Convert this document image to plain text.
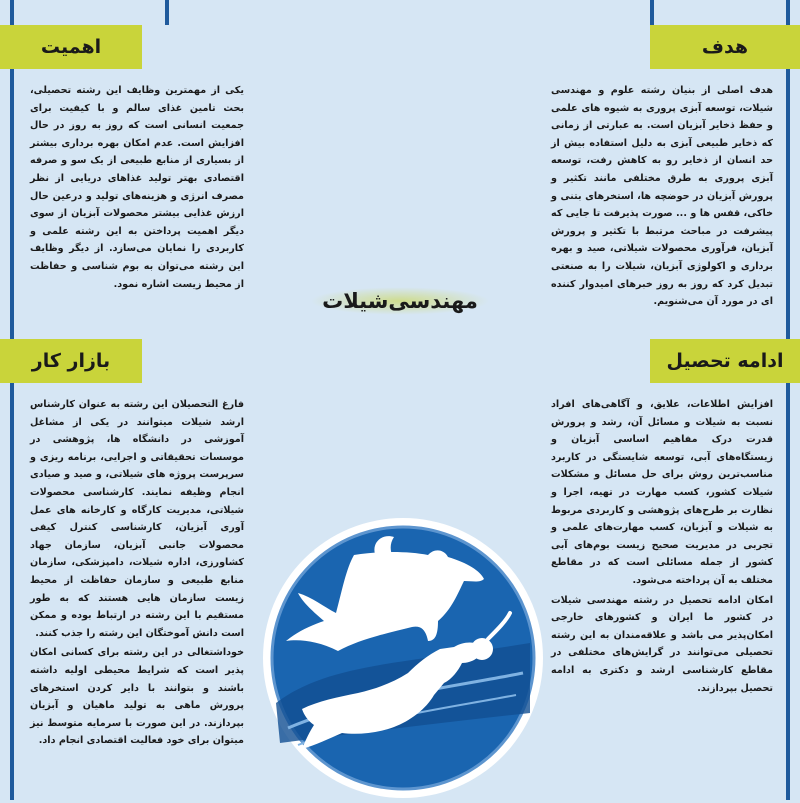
هدف

هدف اصلی از بنیان رشته علوم و مهندسی شیلات، توسعه آبزی پروری به شیوه های علمی و حفظ ذخایر آبزیان است. به عبارتی از زمانی که ذخایر طبیعی آبزی به دلیل استفاده بیش از حد انسان از ذخایر رو به کاهش رفت، توسعه آبزی پروری به طرق مختلفی مانند تکثیر و پرورش آبزیان در حوضچه ها، استخرهای بتنی و خاکی، قفس ها و ... صورت پذیرفت تا جایی که پیشرفت در مباحث مرتبط با تکثیر و پرورش آبزیان، فرآوری محصولات شیلاتی، صید و بهره برداری و اکولوژی آبزیان، شیلات را به صنعتی تبدیل کرد که روز به روز خبرهای امیدوار کننده ای در مورد آن می‌شنویم.

اهمیت

یکی از مهمترین وظایف این رشته تحصیلی، بحث تامین غذای سالم و با کیفیت برای جمعیت انسانی است که روز به روز در حال افزایش است. عدم امکان بهره برداری بیشتر از بسیاری از منابع طبیعی از یک سو و صرفه اقتصادی بهتر تولید غذاهای دریایی از نظر مصرف انرژی و هزینه‌های تولید و درعین حال ارزش غذایی بیشتر محصولات آبزیان از سوی دیگر اهمیت پرداختن به این رشته علمی و کاربردی را نمایان می‌سازد. از دیگر وظایف این رشته می‌توان به بوم شناسی و حفاظت از محیط زیست اشاره نمود.

مهندسی‌شیلات
ادامه تحصیل

افزایش اطلاعات، علایق، و آگاهی‌های افراد نسبت به شیلات و مسائل آن، رشد و پرورش قدرت درک مفاهیم اساسی آبزیان و زیستگاه‌های آبی، توسعه شایستگی در کاربرد مناسب‌ترین روش برای حل مسائل و مشکلات شیلات کشور، کسب مهارت در تهیه، اجرا و نظارت بر طرح‌های پژوهشی و کاربردی مربوط به شیلات و آبزیان، کسب مهارت‌های علمی و تجربی در مدیریت صحیح زیست بوم‌های آبی کشور از جمله مسائلی است که در مقاطع مختلف به آن پرداخته می‌شود.

امکان ادامه تحصیل در رشته مهندسی شیلات در کشور ما ایران و کشورهای خارجی امکان‌پذیر می باشد و علاقه‌مندان به این رشته تحصیلی می‌توانند در گرایش‌های مختلفی در مقاطع کارشناسی ارشد و دکتری به ادامه تحصیل بپردازند.

بازار کار

فارغ التحصیلان این رشته به عنوان کارشناس ارشد شیلات میتوانند در یکی از مشاغل آموزشی در دانشگاه ها، پژوهشی در موسسات تحقیقاتی و اجرایی، برنامه ریزی و سرپرست پروژه های شیلاتی، و صید و صیادی انجام وظیفه نمایند. کارشناسی محصولات شیلاتی، مدیریت کارگاه و کارخانه های عمل آوری آبزیان، کارشناسی کنترل کیفی محصولات جانبی آبزیان، سازمان جهاد کشاورزی، اداره شیلات، دامپزشکی، سازمان منابع طبیعی و سازمان حفاظت از محیط زیست سازمان هایی هستند که به طور مستقیم با این رشته در ارتباط بوده و ممکن است دانش آموختگان این رشته را جذب کنند.

خوداشتغالی در این رشته برای کسانی امکان پذیر است که شرایط محیطی اولیه داشته باشند و بتوانند با دایر کردن استخرهای پرورش ماهی به تولید ماهیان و آبزیان بپردازند. در این صورت با سرمایه متوسط نیز میتوان برای خود فعالیت اقتصادی انجام داد.
